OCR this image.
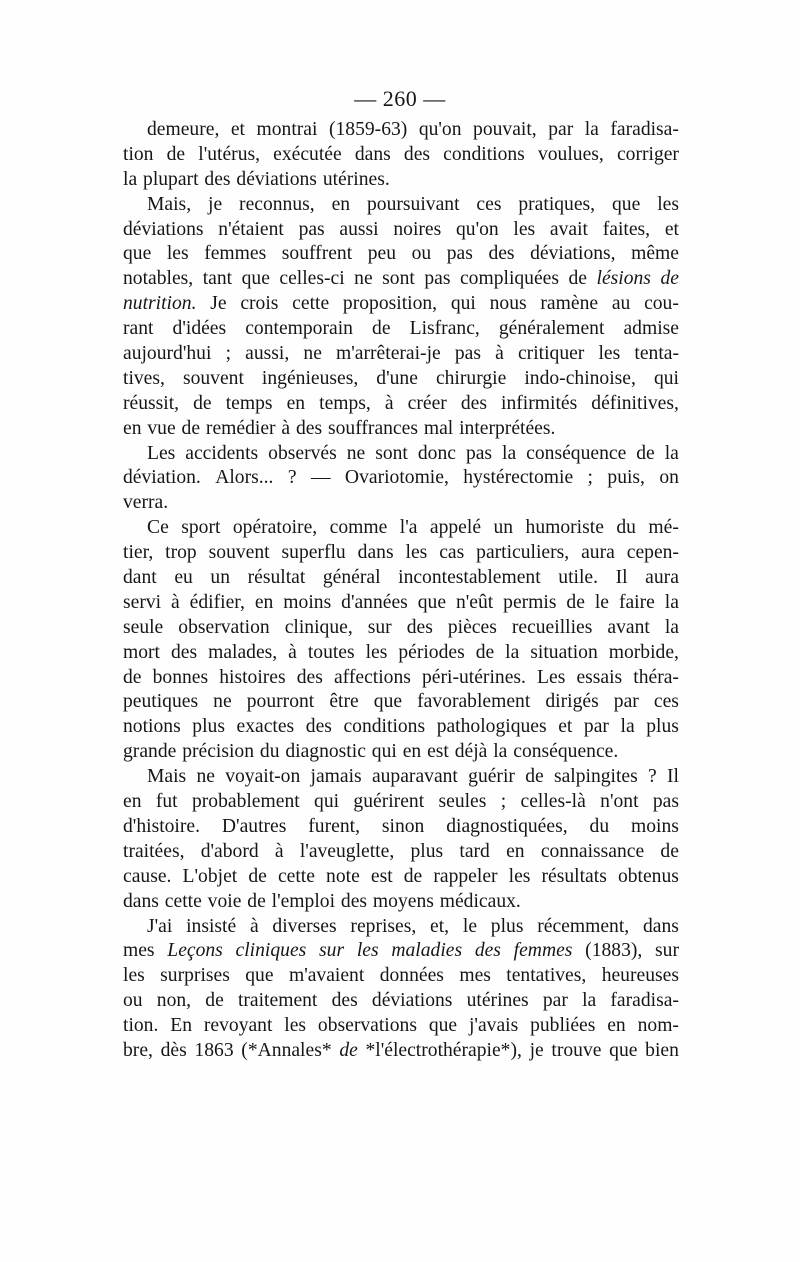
— 260 —
demeure, et montrai (1859-63) qu'on pouvait, par la faradisa-
tion de l'utérus, exécutée dans des conditions voulues, corriger
la plupart des déviations utérines.
Mais, je reconnus, en poursuivant ces pratiques, que les
déviations n'étaient pas aussi noires qu'on les avait faites, et
que les femmes souffrent peu ou pas des déviations, même
notables, tant que celles-ci ne sont pas compliquées de lésions de
nutrition. Je crois cette proposition, qui nous ramène au cou-
rant d'idées contemporain de Lisfranc, généralement admise
aujourd'hui ; aussi, ne m'arrêterai-je pas à critiquer les tenta-
tives, souvent ingénieuses, d'une chirurgie indo-chinoise, qui
réussit, de temps en temps, à créer des infirmités définitives,
en vue de remédier à des souffrances mal interprétées.
Les accidents observés ne sont donc pas la conséquence de la
déviation. Alors... ? — Ovariotomie, hystérectomie ; puis, on
verra.
Ce sport opératoire, comme l'a appelé un humoriste du mé-
tier, trop souvent superflu dans les cas particuliers, aura cepen-
dant eu un résultat général incontestablement utile. Il aura
servi à édifier, en moins d'années que n'eût permis de le faire la
seule observation clinique, sur des pièces recueillies avant la
mort des malades, à toutes les périodes de la situation morbide,
de bonnes histoires des affections péri-utérines. Les essais théra-
peutiques ne pourront être que favorablement dirigés par ces
notions plus exactes des conditions pathologiques et par la plus
grande précision du diagnostic qui en est déjà la conséquence.
Mais ne voyait-on jamais auparavant guérir de salpingites ? Il
en fut probablement qui guérirent seules ; celles-là n'ont pas
d'histoire. D'autres furent, sinon diagnostiquées, du moins
traitées, d'abord à l'aveuglette, plus tard en connaissance de
cause. L'objet de cette note est de rappeler les résultats obtenus
dans cette voie de l'emploi des moyens médicaux.
J'ai insisté à diverses reprises, et, le plus récemment, dans
mes Leçons cliniques sur les maladies des femmes (1883), sur
les surprises que m'avaient données mes tentatives, heureuses
ou non, de traitement des déviations utérines par la faradisa-
tion. En revoyant les observations que j'avais publiées en nom-
bre, dès 1863 (*Annales* de *l'électrothérapie*), je trouve que bien
